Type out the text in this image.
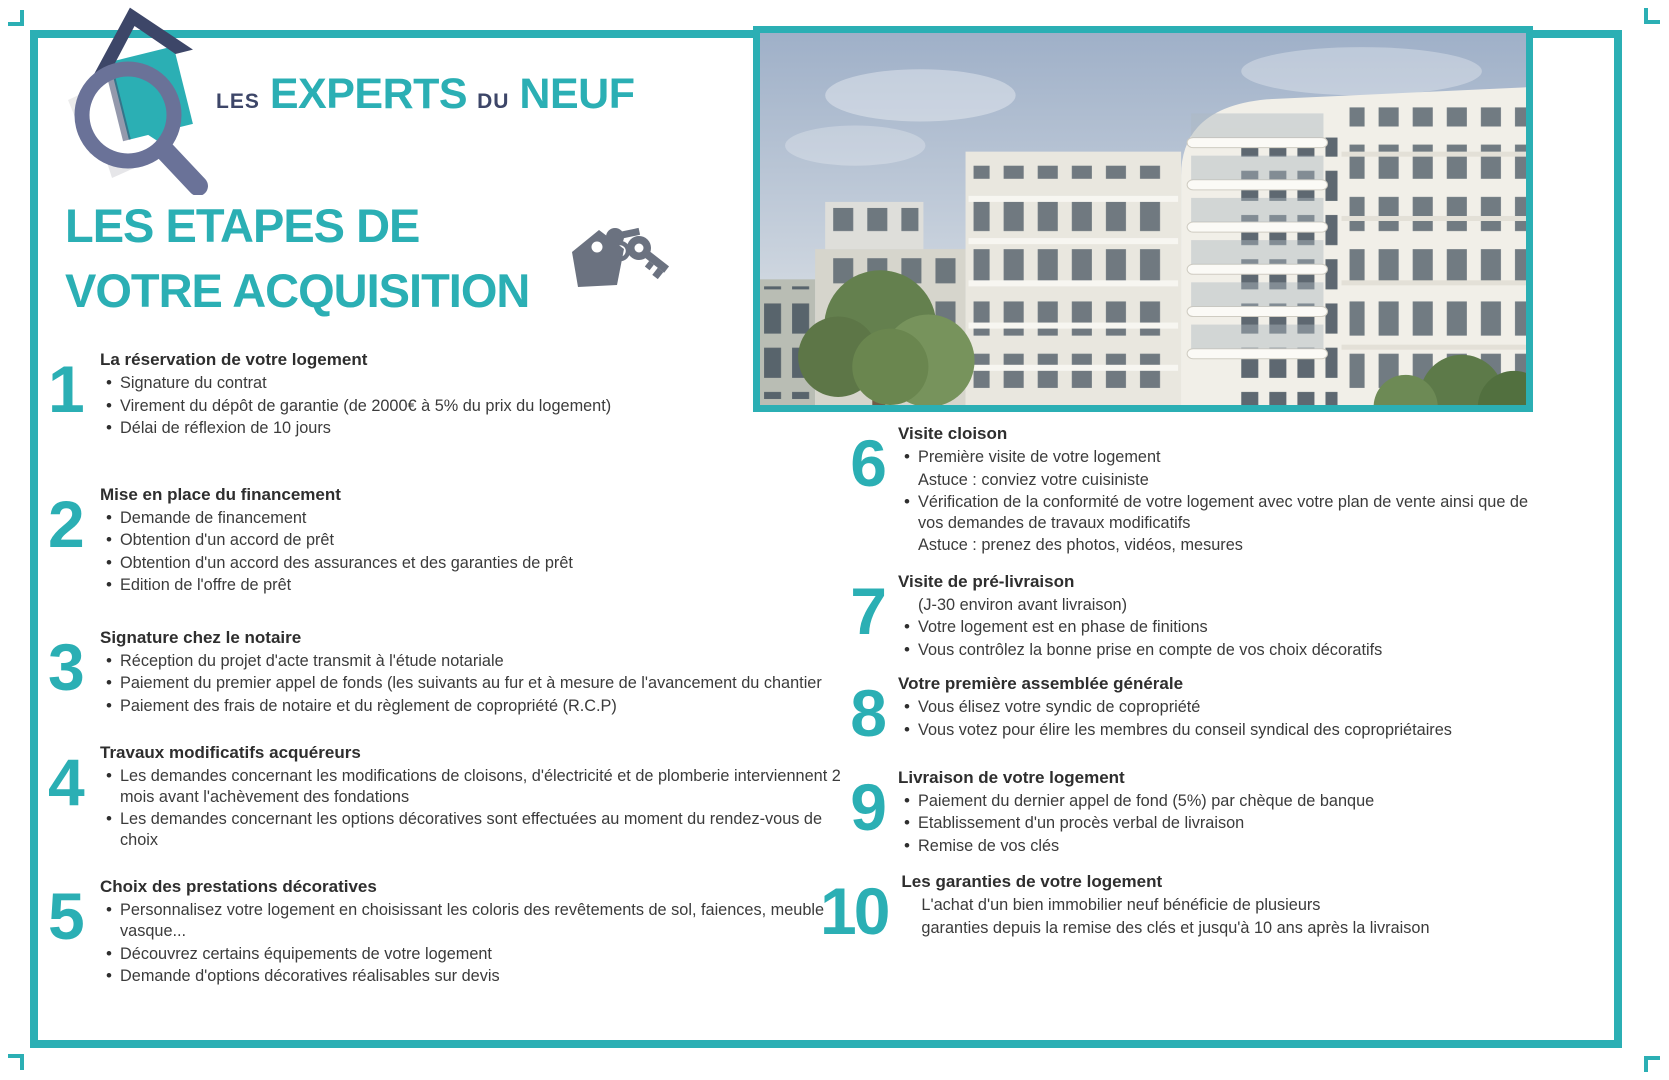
LES EXPERTS DU NEUF
LES ETAPES DE
VOTRE ACQUISITION
1	La réservation de votre logement
• Signature du contrat
• Virement du dépôt de garantie (de 2000€ à 5% du prix du logement)
• Délai de réflexion de 10 jours
2	Mise en place du financement
• Demande de financement
• Obtention d'un accord de prêt
• Obtention d'un accord des assurances et des garanties de prêt
• Edition de l'offre de prêt
3	Signature chez le notaire
• Réception du projet d'acte transmit à l'étude notariale
• Paiement du premier appel de fonds (les suivants au fur et à mesure de l'avancement du chantier
• Paiement des frais de notaire et du règlement de copropriété (R.C.P)
4	Travaux modificatifs acquéreurs
• Les demandes concernant les modifications de cloisons, d'électricité et de plomberie interviennent 2 mois avant l'achèvement des fondations
• Les demandes concernant les options décoratives sont effectuées au moment du rendez-vous de choix
5	Choix des prestations décoratives
• Personnalisez votre logement en choisissant les coloris des revêtements de sol, faiences, meuble vasque...
• Découvrez certains équipements de votre logement
• Demande d'options décoratives réalisables sur devis
6 Visite cloison
• Première visite de votre logement
Astuce : conviez votre cuisiniste
• Vérification de la conformité de votre logement avec votre plan de vente ainsi que de vos demandes de travaux modificatifs
Astuce : prenez des photos, vidéos, mesures
7 Visite de pré-livraison
(J-30 environ avant livraison)
• Votre logement est en phase de finitions
• Vous contrôlez la bonne prise en compte de vos choix décoratifs
8 Votre première assemblée générale
• Vous élisez votre syndic de copropriété
• Vous votez pour élire les membres du conseil syndical des copropriétaires
9 Livraison de votre logement
• Paiement du dernier appel de fond (5%) par chèque de banque
• Etablissement d'un procès verbal de livraison
• Remise de vos clés
10 Les garanties de votre logement
L'achat d'un bien immobilier neuf bénéficie de plusieurs
garanties depuis la remise des clés et jusqu'à 10 ans après la livraison
